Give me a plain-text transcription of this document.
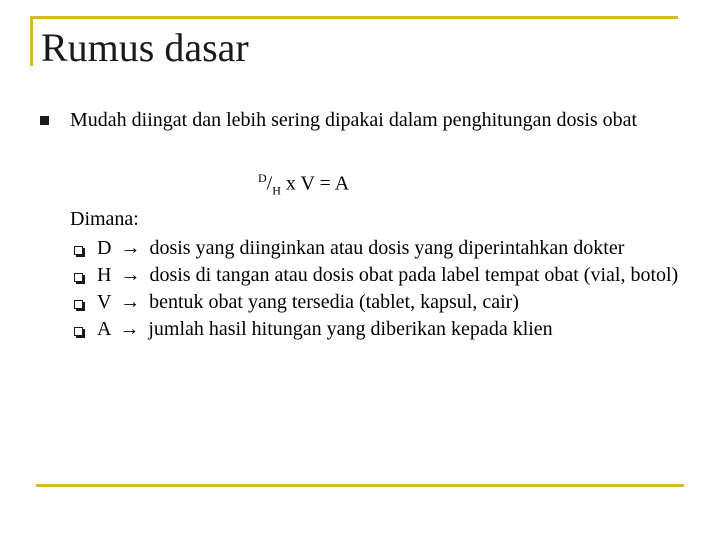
Rumus dasar

Mudah diingat dan lebih sering dipakai dalam penghitungan dosis obat

$^D/_H$ x V = A

Dimana:

D → dosis yang diinginkan atau dosis yang diperintahkan dokter
H → dosis di tangan atau dosis obat pada label tempat obat (vial, botol)
V → bentuk obat yang tersedia (tablet, kapsul, cair)
A → jumlah hasil hitungan yang diberikan kepada klien
